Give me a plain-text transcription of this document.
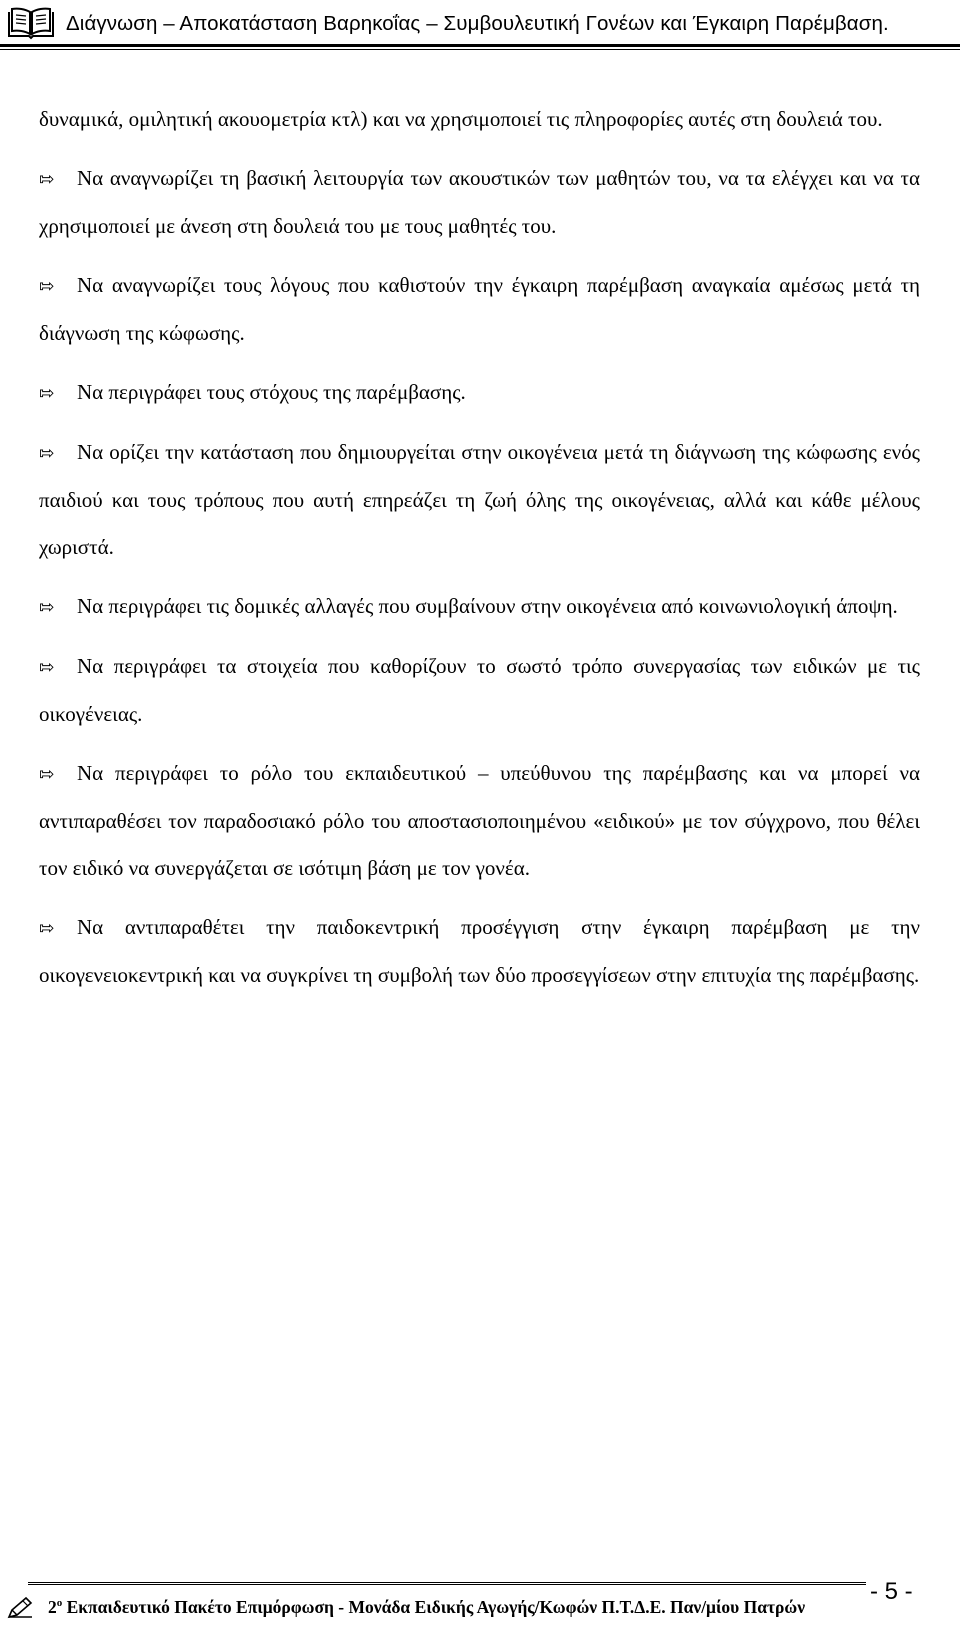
Διάγνωση – Αποκατάσταση Βαρηκοΐας – Συμβουλευτική Γονέων και Έγκαιρη Παρέμβαση.

δυναμικά, ομιλητική ακουομετρία κτλ) και να χρησιμοποιεί τις πληροφορίες αυτές στη δουλειά του.

⇰ Να αναγνωρίζει τη βασική λειτουργία των ακουστικών των μαθητών του, να τα ελέγχει και να τα χρησιμοποιεί με άνεση στη δουλειά του με τους μαθητές του.

⇰ Να αναγνωρίζει τους λόγους που καθιστούν την έγκαιρη παρέμβαση αναγκαία αμέσως μετά τη διάγνωση της κώφωσης.

⇰ Να περιγράφει τους στόχους της παρέμβασης.

⇰ Να ορίζει την κατάσταση που δημιουργείται στην οικογένεια μετά τη διάγνωση της κώφωσης ενός παιδιού και τους τρόπους που αυτή επηρεάζει τη ζωή όλης της οικογένειας, αλλά και κάθε μέλους χωριστά.

⇰ Να περιγράφει τις δομικές αλλαγές που συμβαίνουν στην οικογένεια από κοινωνιολογική άποψη.

⇰ Να περιγράφει τα στοιχεία που καθορίζουν το σωστό τρόπο συνεργασίας των ειδικών με τις οικογένειας.

⇰ Να περιγράφει το ρόλο του εκπαιδευτικού – υπεύθυνου της παρέμβασης και να μπορεί να αντιπαραθέσει τον παραδοσιακό ρόλο του αποστασιοποιημένου «ειδικού» με τον σύγχρονο, που θέλει τον ειδικό να συνεργάζεται σε ισότιμη βάση με τον γονέα.

⇰ Να αντιπαραθέτει την παιδοκεντρική προσέγγιση στην έγκαιρη παρέμβαση με την οικογενειοκεντρική και να συγκρίνει τη συμβολή των δύο προσεγγίσεων στην επιτυχία της παρέμβασης.

$2^o$ Εκπαιδευτικό Πακέτο Επιμόρφωση - Μονάδα Ειδικής Αγωγής/Κωφών Π.Τ.Δ.Ε. Παν/μίου Πατρών
- 5 -
